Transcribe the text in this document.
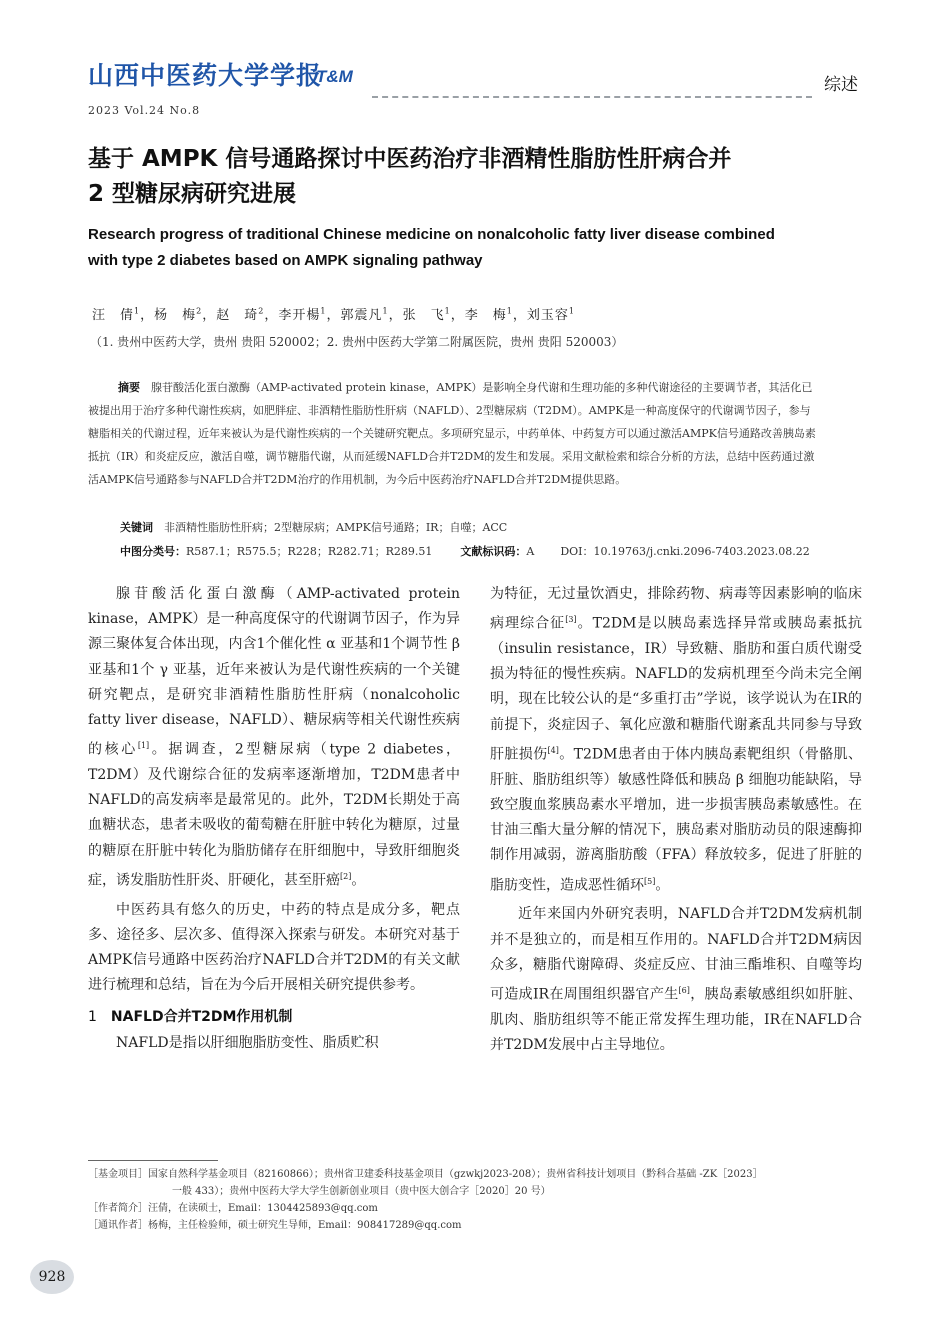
山西中医药大学学报
T&M	综述
2023 Vol.24 No.8
基于 AMPK 信号通路探讨中医药治疗非酒精性脂肪性肝病合并
2 型糖尿病研究进展
Research progress of traditional Chinese medicine on nonalcoholic fatty liver disease combined
with type 2 diabetes based on AMPK signaling pathway
汪　倩$^1$，杨　梅$^2$，赵　琦$^2$，李开楊$^1$，郭震凡$^1$，张　飞$^1$，李　梅$^1$，刘玉容$^1$
（1. 贵州中医药大学，贵州 贵阳 520002；2. 贵州中医药大学第二附属医院，贵州 贵阳 520003）
摘要　 腺苷酸活化蛋白激酶（AMP-activated protein kinase，AMPK）是影响全身代谢和生理功能的多种代谢途径的主要调节者，其活化已被提出用于治疗多种代谢性疾病，如肥胖症、非酒精性脂肪性肝病（NAFLD）、2型糖尿病（T2DM）。AMPK是一种高度保守的代谢调节因子，参与糖脂相关的代谢过程，近年来被认为是代谢性疾病的一个关键研究靶点。多项研究显示，中药单体、中药复方可以通过激活AMPK信号通路改善胰岛素抵抗（IR）和炎症反应，激活自噬，调节糖脂代谢，从而延缓NAFLD合并T2DM的发生和发展。采用文献检索和综合分析的方法，总结中医药通过激活AMPK信号通路参与NAFLD合并T2DM治疗的作用机制，为今后中医药治疗NAFLD合并T2DM提供思路。
关键词　 非酒精性脂肪性肝病；2型糖尿病；AMPK信号通路；IR；自噬；ACC
中图分类号：R587.1；R575.5；R228；R282.71；R289.51	文献标识码：A DOI：10.19763/j.cnki.2096-7403.2023.08.22

腺苷酸活化蛋白激酶（AMP-activated protein kinase，AMPK）是一种高度保守的代谢调节因子，作为异源三聚体复合体出现，内含1个催化性 α 亚基和1个调节性 β 亚基和1个 γ 亚基，近年来被认为是代谢性疾病的一个关键研究靶点，是研究非酒精性脂肪性肝病（nonalcoholic fatty liver disease，NAFLD）、糖尿病等相关代谢性疾病的核心[1]。据调查，2型糖尿病（type 2 diabetes，T2DM）及代谢综合征的发病率逐渐增加，T2DM患者中NAFLD的高发病率是最常见的。此外，T2DM长期处于高血糖状态，患者未吸收的葡萄糖在肝脏中转化为糖原，过量的糖原在肝脏中转化为脂肪储存在肝细胞中，导致肝细胞炎症，诱发脂肪性肝炎、肝硬化，甚至肝癌[2]。

中医药具有悠久的历史，中药的特点是成分多，靶点多、途径多、层次多、值得深入探索与研发。本研究对基于AMPK信号通路中医药治疗NAFLD合并T2DM的有关文献进行梳理和总结，旨在为今后开展相关研究提供参考。

1 NAFLD合并T2DM作用机制

NAFLD是指以肝细胞脂肪变性、脂质贮积

为特征，无过量饮酒史，排除药物、病毒等因素影响的临床病理综合征[3]。T2DM是以胰岛素选择异常或胰岛素抵抗（insulin resistance，IR）导致糖、脂肪和蛋白质代谢受损为特征的慢性疾病。NAFLD的发病机理至今尚未完全阐明，现在比较公认的是“多重打击”学说，该学说认为在IR的前提下，炎症因子、氧化应激和糖脂代谢紊乱共同参与导致肝脏损伤[4]。T2DM患者由于体内胰岛素靶组织（骨骼肌、肝脏、脂肪组织等）敏感性降低和胰岛 β 细胞功能缺陷，导致空腹血浆胰岛素水平增加，进一步损害胰岛素敏感性。在甘油三酯大量分解的情况下，胰岛素对脂肪动员的限速酶抑制作用减弱，游离脂肪酸（FFA）释放较多，促进了肝脏的脂肪变性，造成恶性循环[5]。

近年来国内外研究表明，NAFLD合并T2DM发病机制并不是独立的，而是相互作用的。NAFLD合并T2DM病因众多，糖脂代谢障碍、炎症反应、甘油三酯堆积、自噬等均可造成IR在周围组织器官产生[6]，胰岛素敏感组织如肝脏、肌肉、脂肪组织等不能正常发挥生理功能，IR在NAFLD合并T2DM发展中占主导地位。

［基金项目］国家自然科学基金项目（82160866）；贵州省卫建委科技基金项目（gzwkj2023-208）；贵州省科技计划项目（黔科合基础 -ZK［2023］

一般 433）；贵州中医药大学大学生创新创业项目（贵中医大创合字［2020］20 号）

［作者简介］汪倩，在读硕士，Email：1304425893@qq.com

［通讯作者］杨梅，主任检验师，硕士研究生导师，Email：908417289@qq.com

928
